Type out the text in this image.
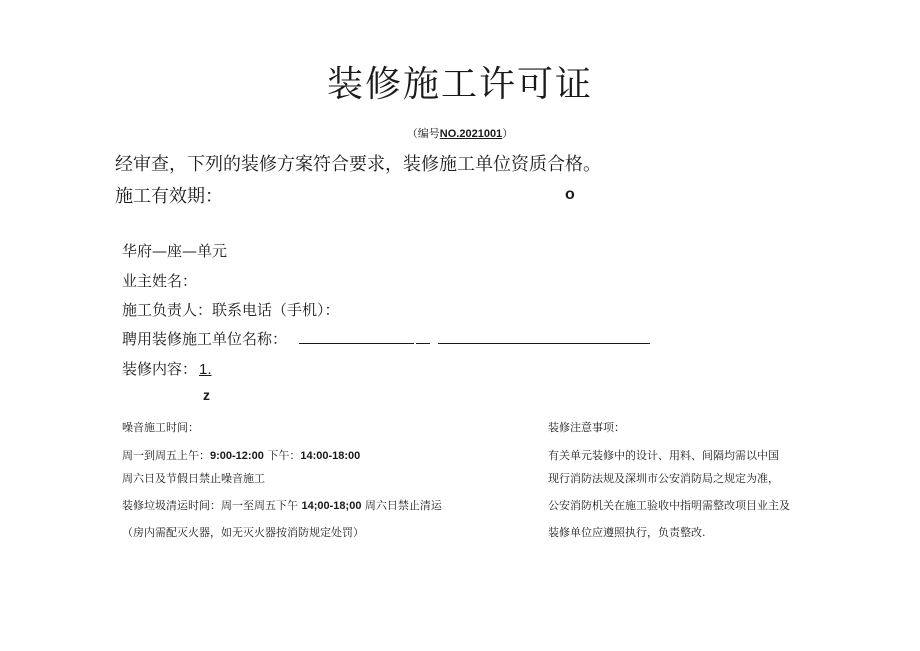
装修施工许可证
（编号NO.2021001）
经审查，下列的装修方案符合要求，装修施工单位资质合格。
施工有效期：	o
华府—座—单元
业主姓名：
施工负责人：联系电话（手机）：
聘用装修施工单位名称：
装修内容： 1.
z
噪音施工时间：
周一到周五上午：9:00-12:00 下午：14:00-18:00
周六日及节假日禁止噪音施工
装修垃圾清运时间：周一至周五下午 14;00-18;00 周六日禁止清运
（房内需配灭火器，如无灭火器按消防规定处罚）
装修注意事项：
有关单元装修中的设计、用料、间隔均需以中国
现行消防法规及深圳市公安消防局之规定为准，
公安消防机关在施工验收中指明需整改项目业主及
装修单位应遵照执行，负责整改.
